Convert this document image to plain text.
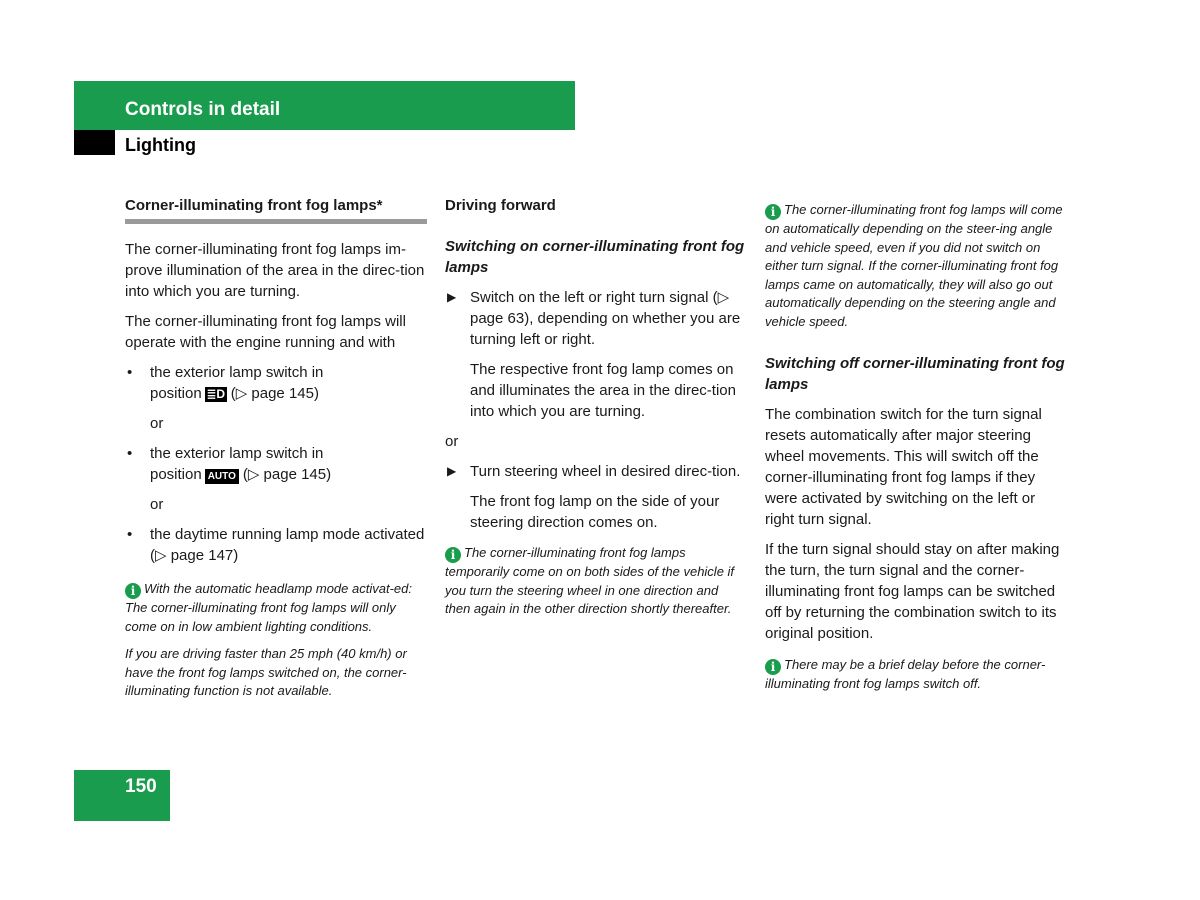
Controls in detail
Lighting
Corner-illuminating front fog lamps*

The corner-illuminating front fog lamps im-prove illumination of the area in the direc-tion into which you are turning.

The corner-illuminating front fog lamps will operate with the engine running and with

• the exterior lamp switch in
position ≣D (▷ page 145)
or
• the exterior lamp switch in
position AUTO (▷ page 145)
or
• the daytime running lamp mode activated (▷ page 147)
i With the automatic headlamp mode activat-ed: The corner-illuminating front fog lamps will only come on in low ambient lighting conditions.
If you are driving faster than 25 mph (40 km/h) or have the front fog lamps switched on, the corner-illuminating function is not available.
Driving forward
Switching on corner-illuminating front fog lamps
▶ Switch on the left or right turn signal (▷ page 63), depending on whether you are turning left or right.
The respective front fog lamp comes on and illuminates the area in the direc-tion into which you are turning.

or

▶ Turn steering wheel in desired direc-tion.
The front fog lamp on the side of your steering direction comes on.
i The corner-illuminating front fog lamps temporarily come on on both sides of the vehicle if you turn the steering wheel in one direction and then again in the other direction shortly thereafter.
i The corner-illuminating front fog lamps will come on automatically depending on the steer-ing angle and vehicle speed, even if you did not switch on either turn signal. If the corner-illuminating front fog lamps came on automatically, they will also go out automatically depending on the steering angle and vehicle speed.
Switching off corner-illuminating front fog lamps

The combination switch for the turn signal resets automatically after major steering wheel movements. This will switch off the corner-illuminating front fog lamps if they were activated by switching on the left or right turn signal.

If the turn signal should stay on after making the turn, the turn signal and the corner-illuminating front fog lamps can be switched off by returning the combination switch to its original position.

i There may be a brief delay before the corner-illuminating front fog lamps switch off.
150
